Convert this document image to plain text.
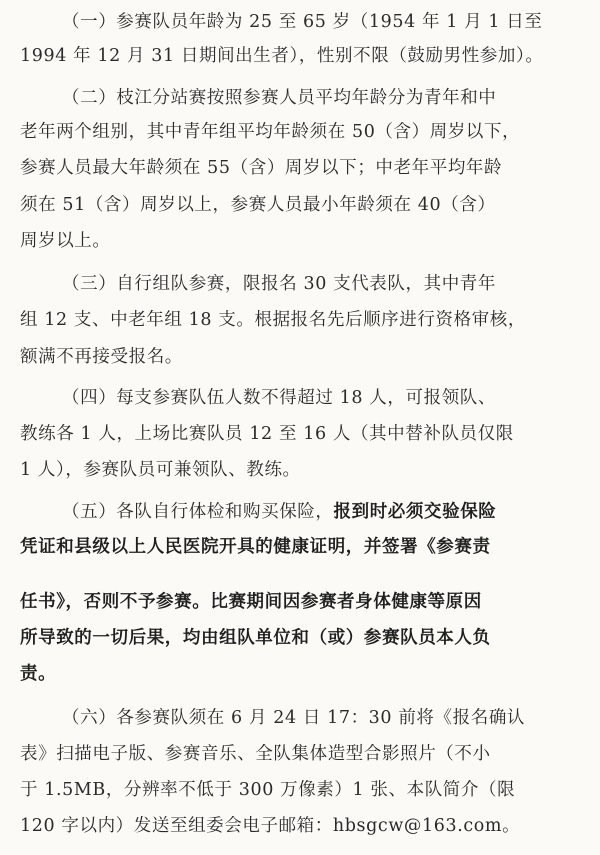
（一）参赛队员年龄为 25 至 65 岁（1954 年 1 月 1 日至
1994 年 12 月 31 日期间出生者），性别不限（鼓励男性参加）。
（二）枝江分站赛按照参赛人员平均年龄分为青年和中
老年两个组别，其中青年组平均年龄须在 50（含）周岁以下，
参赛人员最大年龄须在 55（含）周岁以下；中老年平均年龄
须在 51（含）周岁以上，参赛人员最小年龄须在 40（含）
周岁以上。
（三）自行组队参赛，限报名 30 支代表队，其中青年
组 12 支、中老年组 18 支。根据报名先后顺序进行资格审核，
额满不再接受报名。
（四）每支参赛队伍人数不得超过 18 人，可报领队、
教练各 1 人，上场比赛队员 12 至 16 人（其中替补队员仅限
1 人），参赛队员可兼领队、教练。
（五）各队自行体检和购买保险，报到时必须交验保险
凭证和县级以上人民医院开具的健康证明，并签署《参赛责
任书》，否则不予参赛。比赛期间因参赛者身体健康等原因
所导致的一切后果，均由组队单位和（或）参赛队员本人负
责。
（六）各参赛队须在 6 月 24 日 17：30 前将《报名确认
表》扫描电子版、参赛音乐、全队集体造型合影照片（不小
于 1.5MB，分辨率不低于 300 万像素）1 张、本队简介（限
120 字以内）发送至组委会电子邮箱：hbsgcw@163.com。
